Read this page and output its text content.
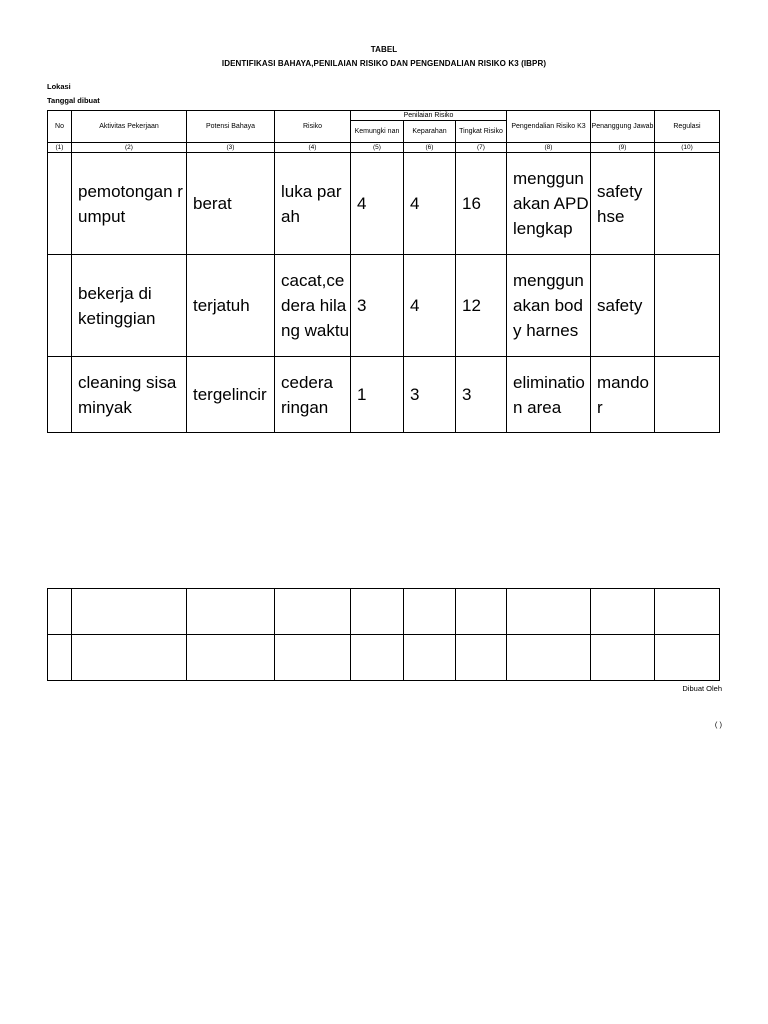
TABEL
IDENTIFIKASI BAHAYA,PENILAIAN RISIKO DAN PENGENDALIAN RISIKO K3 (IBPR)
Lokasi
Tanggal dibuat
No	Aktivitas Pekerjaan	Potensi Bahaya	Risiko	Penilaian Risiko			Pengendalian Risiko K3	Penanggung Jawab	Regulasi
				Kemungki nan	Keparahan	Tingkat Risiko			
(1)	(2)	(3)	(4)	(5)	(6)	(7)	(8)	(9)	(10)
	pemotongan rumput	berat	luka parah	4	4	16	menggunakan APD lengkap	safety hse	
	bekerja di ketinggian	terjatuh	cacat,cedera hilang waktu	3	4	12	menggunakan body harnes	safety	
	cleaning sisa minyak	tergelincir	cedera ringan	1	3	3	elimination area	mandor	

Dibuat Oleh
( )
